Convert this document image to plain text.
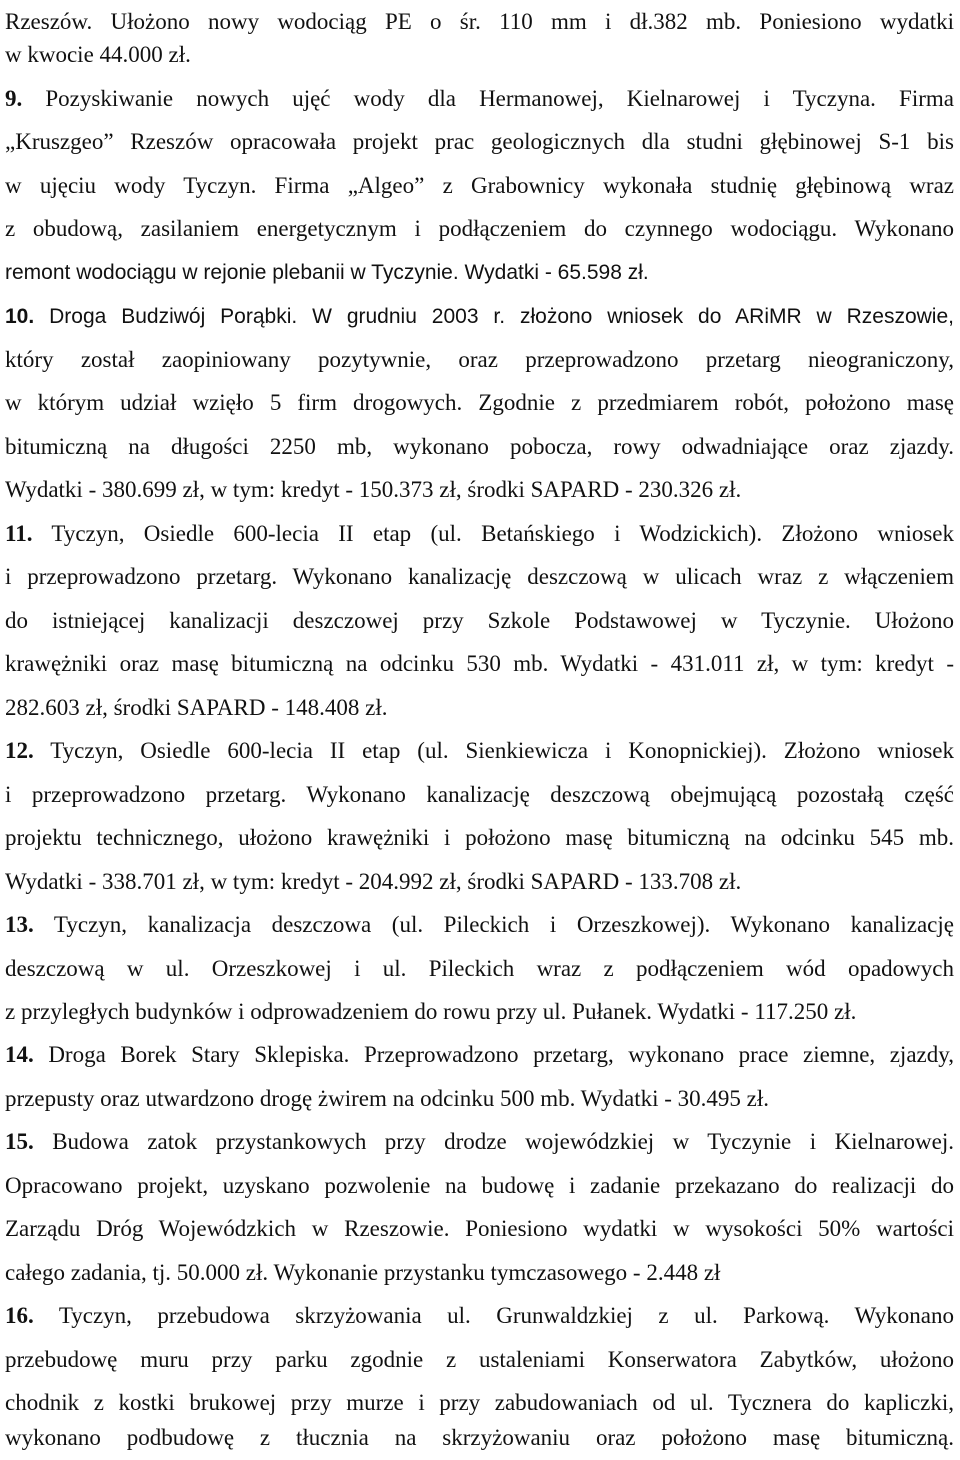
Rzeszów. Ułożono nowy wodociąg PE o śr. 110 mm i dł.382 mb. Poniesiono wydatki
w kwocie 44.000 zł.
9. Pozyskiwanie nowych ujęć wody dla Hermanowej, Kielnarowej i Tyczyna. Firma
„Kruszgeo” Rzeszów opracowała projekt prac geologicznych dla studni głębinowej S-1 bis
w ujęciu wody Tyczyn. Firma „Algeo” z Grabownicy wykonała studnię głębinową wraz
z obudową, zasilaniem energetycznym i podłączeniem do czynnego wodociągu. Wykonano
remont wodociągu w rejonie plebanii w Tyczynie. Wydatki - 65.598 zł.
10. Droga Budziwój Porąbki. W grudniu 2003 r. złożono wniosek do ARiMR w Rzeszowie,
który został zaopiniowany pozytywnie, oraz przeprowadzono przetarg nieograniczony,
w którym udział wzięło 5 firm drogowych. Zgodnie z przedmiarem robót, położono masę
bitumiczną na długości 2250 mb, wykonano pobocza, rowy odwadniające oraz zjazdy.
Wydatki - 380.699 zł, w tym: kredyt - 150.373 zł, środki SAPARD - 230.326 zł.
11. Tyczyn, Osiedle 600-lecia II etap (ul. Betańskiego i Wodzickich). Złożono wniosek
i przeprowadzono przetarg. Wykonano kanalizację deszczową w ulicach wraz z włączeniem
do istniejącej kanalizacji deszczowej przy Szkole Podstawowej w Tyczynie. Ułożono
krawężniki oraz masę bitumiczną na odcinku 530 mb. Wydatki - 431.011 zł, w tym: kredyt -
282.603 zł, środki SAPARD - 148.408 zł.
12. Tyczyn, Osiedle 600-lecia II etap (ul. Sienkiewicza i Konopnickiej). Złożono wniosek
i przeprowadzono przetarg. Wykonano kanalizację deszczową obejmującą pozostałą część
projektu technicznego, ułożono krawężniki i położono masę bitumiczną na odcinku 545 mb.
Wydatki - 338.701 zł, w tym: kredyt - 204.992 zł, środki SAPARD - 133.708 zł.
13. Tyczyn, kanalizacja deszczowa (ul. Pileckich i Orzeszkowej). Wykonano kanalizację
deszczową w ul. Orzeszkowej i ul. Pileckich wraz z podłączeniem wód opadowych
z przyległych budynków i odprowadzeniem do rowu przy ul. Pułanek. Wydatki - 117.250 zł.
14. Droga Borek Stary Sklepiska. Przeprowadzono przetarg, wykonano prace ziemne, zjazdy,
przepusty oraz utwardzono drogę żwirem na odcinku 500 mb. Wydatki - 30.495 zł.
15. Budowa zatok przystankowych przy drodze wojewódzkiej w Tyczynie i Kielnarowej.
Opracowano projekt, uzyskano pozwolenie na budowę i zadanie przekazano do realizacji do
Zarządu Dróg Wojewódzkich w Rzeszowie. Poniesiono wydatki w wysokości 50% wartości
całego zadania, tj. 50.000 zł. Wykonanie przystanku tymczasowego - 2.448 zł
16. Tyczyn, przebudowa skrzyżowania ul. Grunwaldzkiej z ul. Parkową. Wykonano
przebudowę muru przy parku zgodnie z ustaleniami Konserwatora Zabytków, ułożono
chodnik z kostki brukowej przy murze i przy zabudowaniach od ul. Tycznera do kapliczki,
wykonano podbudowę z tłucznia na skrzyżowaniu oraz położono masę bitumiczną.
